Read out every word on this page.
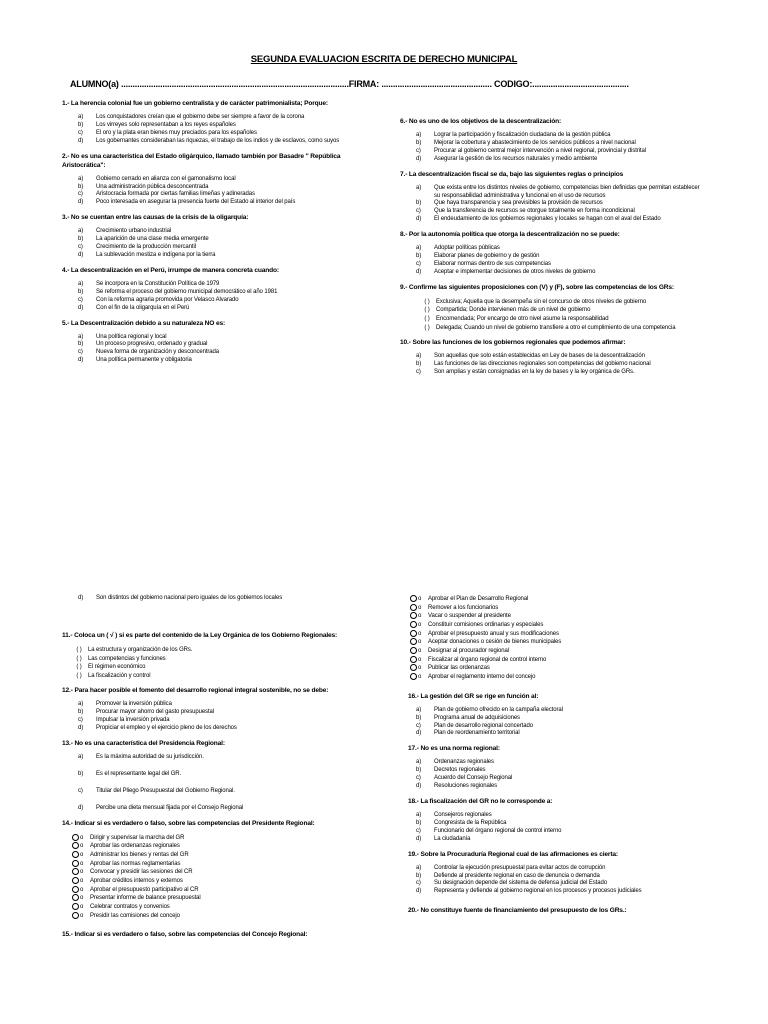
SEGUNDA EVALUACION ESCRITA DE DERECHO MUNICIPAL
ALUMNO(a) ...................................................................................................FIRMA: ................................................ CODIGO:..........................................
1.- La herencia colonial fue un gobierno centralista y de carácter patrimonialista; Porque:
a)	Los conquistadores creían que el gobierno debe ser siempre a favor de la corona
b)	Los virreyes solo representaban a los reyes españoles
c)	El oro y la plata eran bienes muy preciados para los españoles
d)	Los gobernantes consideraban las riquezas, el trabajo de los indios y de esclavos, como suyos
2.- No es una característica del Estado oligárquico, llamado también por Basadre " República Aristocrática":
a)	Gobierno cerrado en alianza con el gamonalismo local
b)	Una administración pública desconcentrada
c)	Aristocracia formada por ciertas familias limeñas y adineradas
d)	Poco interesada en asegurar la presencia fuerte del Estado al interior del país
3.- No se cuentan entre las causas de la crisis de la oligarquía:
a)	Crecimiento urbano industrial
b)	La aparición de una clase media emergente
c)	Crecimiento de la producción mercantil
d)	La sublevación mestiza e indígena por la tierra
4.- La descentralización en el Perú, irrumpe de manera concreta cuando:
a)	Se incorpora en la Constitución Política de 1979
b)	Se reforma el proceso del gobierno municipal democrático el año 1981
c)	Con la reforma agraria promovida por Velasco Alvarado
d)	Con el fin de la oligarquía en el Perú
5.- La Descentralización debido a su naturaleza NO es:
a)	Una política regional y local
b)	Un proceso progresivo, ordenado y gradual
c)	Nueva forma de organización y desconcentrada
d)	Una política permanente y obligatoria
6.- No es uno de los objetivos de la descentralización:
a)	Lograr la participación y fiscalización ciudadana de la gestión pública
b)	Mejorar la cobertura y abastecimiento de los servicios públicos a nivel nacional
c)	Procurar al gobierno central mejor intervención a nivel regional, provincial y distrital
d)	Asegurar la gestión de los recursos naturales y medio ambiente
7.- La descentralización fiscal se da, bajo las siguientes reglas o principios
a)	Que exista entre los distintos niveles de gobierno, competencias bien definidas que permitan establecer su responsabilidad administrativa y funcional en el uso de recursos
b)	Que haya transparencia y sea previsibles la provisión de recursos
c)	Que la transferencia de recursos se otorgue totalmente en forma incondicional
d)	El endeudamiento de los gobiernos regionales y locales se hagan con el aval del Estado
8.- Por la autonomía política que otorga la descentralización no se puede:
a)	Adoptar políticas públicas
b)	Elaborar planes de gobierno y de gestión
c)	Elaborar normas dentro de sus competencias
d)	Aceptar e implementar decisiones de otros niveles de gobierno
9.- Confirme las siguientes proposiciones con (V) y (F), sobre las competencias de los GRs:
( )	Exclusiva; Aquella que la desempeña sin el concurso de otros niveles de gobierno
( )	Compartida; Donde intervienen más de un nivel de gobierno
( )	Encomendada; Por encargo de otro nivel asume la responsabilidad
( )	Delegada; Cuando un nivel de gobierno transfiere a otro el cumplimiento de una competencia
10.- Sobre las funciones de los gobiernos regionales que podemos afirmar:
a)	Son aquellas que solo están establecidas en Ley de bases de la descentralización
b)	Las funciones de las direcciones regionales son competencias del gobierno nacional
c)	Son amplias y están consignadas en la ley de bases y la ley orgánica de GRs.
d)	Son distintos del gobierno nacional pero iguales de los gobiernos locales
11.- Coloca un ( √ ) si es parte del contenido de la Ley Orgánica de los Gobierno Regionales:
( )	La estructura y organización de los GRs.
( )	Las competencias y funciones
( )	El régimen económico
( )	La fiscalización y control
12.- Para hacer posible el fomento del desarrollo regional integral sostenible, no se debe:
a)	Promover la inversión pública
b)	Procurar mayor ahorro del gasto presupuestal
c)	Impulsar la inversión privada
d)	Propiciar el empleo y el ejercicio pleno de los derechos
13.- No es una característica del Presidencia Regional:
a)	Es la máxima autoridad de su jurisdicción.
b)	Es el representante legal del GR.
c)	Titular del Pliego Presupuestal del Gobierno Regional.
d)	Percibe una dieta mensual fijada por el Consejo Regional
14.- Indicar si es verdadero o falso, sobre las competencias del Presidente Regional:
o	Dirigir y supervisar la marcha del GR
o	Aprobar las ordenanzas regionales
o	Administrar los bienes y rentas del GR
o	Aprobar las normas reglamentarias
o	Convocar y presidir las sesiones del CR
o	Aprobar créditos internos y externos
o	Aprobar el presupuesto participativo al CR
o	Presentar informe de balance presupuestal
o	Celebrar contratos y convenios
o	Presidir las comisiones del concejo
15.- Indicar si es verdadero o falso, sobre las competencias del Concejo Regional:
o	Aprobar el Plan de Desarrollo Regional
o	Remover a los funcionarios
o	Vacar o suspender al presidente
o	Constituir comisiones ordinarias y especiales
o	Aprobar el presupuesto anual y sus modificaciones
o	Aceptar donaciones o cesión de bienes municipales
o	Designar al procurador regional
o	Fiscalizar al órgano regional de control interno
o	Publicar las ordenanzas
o	Aprobar el reglamento interno del concejo
16.- La gestión del GR se rige en función al:
a)	Plan de gobierno ofrecido en la campaña electoral
b)	Programa anual de adquisiciones
c)	Plan de desarrollo regional concertado
d)	Plan de reordenamiento territorial
17.- No es una norma regional:
a)	Ordenanzas regionales
b)	Decretos regionales
c)	Acuerdo del Consejo Regional
d)	Resoluciones regionales
18.- La fiscalización del GR no le corresponde a:
a)	Consejeros regionales
b)	Congresista de la República
c)	Funcionario del órgano regional de control interno
d)	La ciudadanía
19.- Sobre la Procuraduría Regional cual de las afirmaciones es cierta:
a)	Controlar la ejecución presupuestal para evitar actos de corrupción
b)	Defiende al presidente regional en caso de denuncia o demanda
c)	Su designación depende del sistema de defensa judicial del Estado
d)	Representa y defiende al gobierno regional en los procesos y procesos judiciales
20.- No constituye fuente de financiamiento del presupuesto de los GRs.:
